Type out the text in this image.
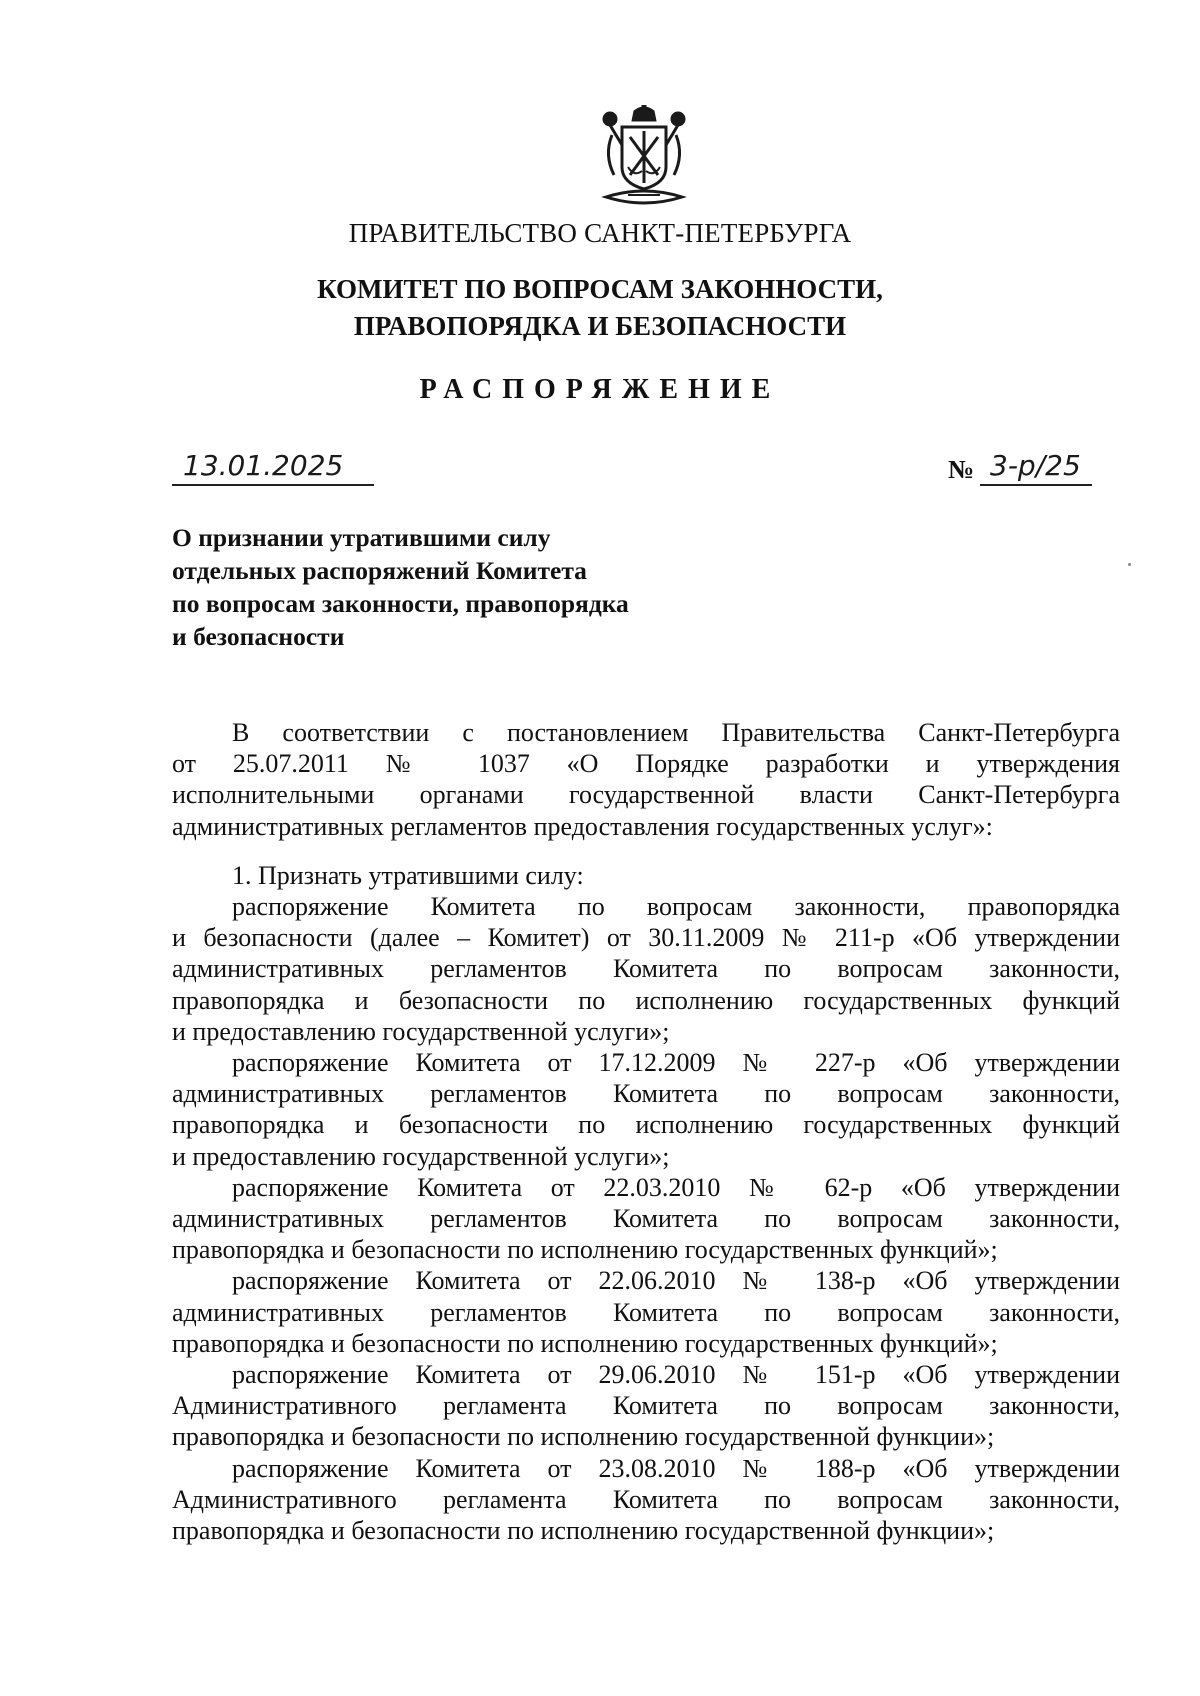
ПРАВИТЕЛЬСТВО САНКТ-ПЕТЕРБУРГА
КОМИТЕТ ПО ВОПРОСАМ ЗАКОННОСТИ,
ПРАВОПОРЯДКА И БЕЗОПАСНОСТИ
РАСПОРЯЖЕНИЕ
13.01.2025	№ 3-р/25
О признании утратившими силу
отдельных распоряжений Комитета
по вопросам законности, правопорядка
и безопасности
В соответствии с постановлением Правительства Санкт-Петербурга
от 25.07.2011 № 1037 «О Порядке разработки и утверждения
исполнительными органами государственной власти Санкт-Петербурга
административных регламентов предоставления государственных услуг»:
1. Признать утратившими силу:
распоряжение Комитета по вопросам законности, правопорядка
и безопасности (далее – Комитет) от 30.11.2009 № 211-р «Об утверждении
административных регламентов Комитета по вопросам законности,
правопорядка и безопасности по исполнению государственных функций
и предоставлению государственной услуги»;
распоряжение Комитета от 17.12.2009 № 227-р «Об утверждении
административных регламентов Комитета по вопросам законности,
правопорядка и безопасности по исполнению государственных функций
и предоставлению государственной услуги»;
распоряжение Комитета от 22.03.2010 № 62-р «Об утверждении
административных регламентов Комитета по вопросам законности,
правопорядка и безопасности по исполнению государственных функций»;
распоряжение Комитета от 22.06.2010 № 138-р «Об утверждении
административных регламентов Комитета по вопросам законности,
правопорядка и безопасности по исполнению государственных функций»;
распоряжение Комитета от 29.06.2010 № 151-р «Об утверждении
Административного регламента Комитета по вопросам законности,
правопорядка и безопасности по исполнению государственной функции»;
распоряжение Комитета от 23.08.2010 № 188-р «Об утверждении
Административного регламента Комитета по вопросам законности,
правопорядка и безопасности по исполнению государственной функции»;
